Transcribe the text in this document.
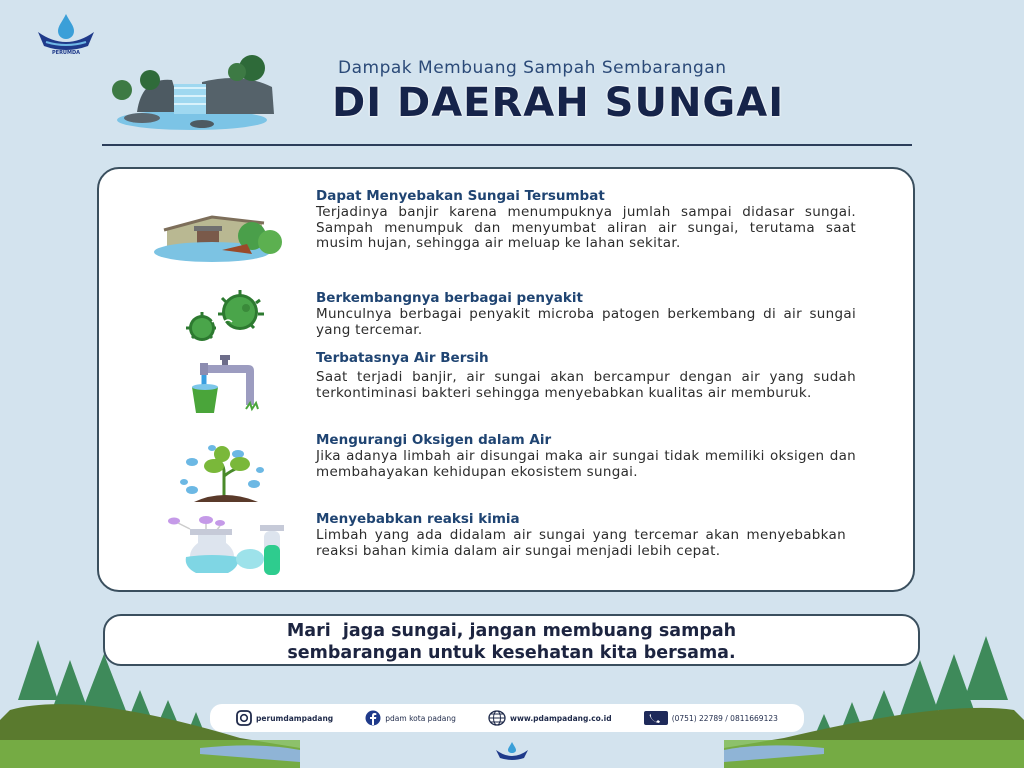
PERUMDA
Dampak Membuang Sampah Sembarangan
DI DAERAH SUNGAI
Dapat Menyebakan Sungai Tersumbat
Terjadinya banjir karena menumpuknya jumlah sampai didasar sungai. Sampah menumpuk dan menyumbat aliran air sungai, terutama saat musim hujan, sehingga air meluap ke lahan sekitar.
Berkembangnya berbagai penyakit
Munculnya berbagai penyakit microba patogen berkembang di air sungai yang tercemar.
Terbatasnya Air Bersih
Saat terjadi banjir, air sungai akan bercampur dengan air yang sudah terkontiminasi bakteri sehingga menyebabkan kualitas air memburuk.
Mengurangi Oksigen dalam Air
Jika adanya limbah air disungai maka air sungai tidak memiliki oksigen dan membahayakan kehidupan ekosistem sungai.
Menyebabkan reaksi kimia
Limbah yang ada didalam air sungai yang tercemar akan menyebabkan reaksi bahan kimia dalam air sungai menjadi lebih cepat.
Mari  jaga sungai, jangan membuang sampah
sembarangan untuk kesehatan kita bersama.
perumdampadang	pdam kota padang	www.pdampadang.co.id	(0751) 22789 / 0811669123
